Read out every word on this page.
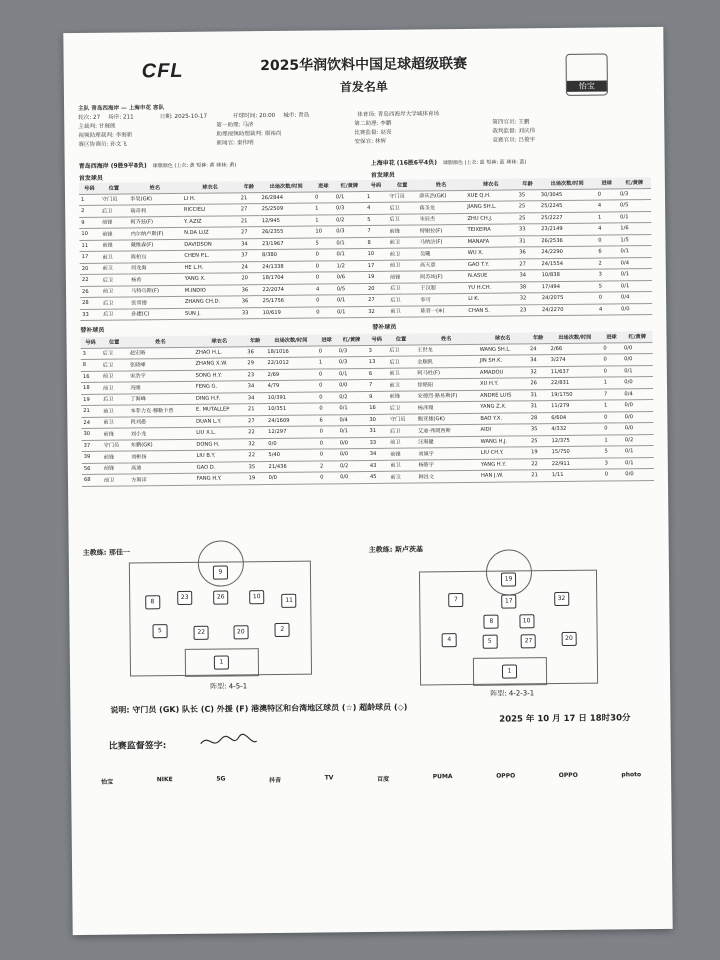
CFL
怡宝
2025华润饮料中国足球超级联赛
首发名单
主队 青岛西海岸 — 上海申花 客队
轮次: 27 场序: 211	日期: 2025-10-17	开球时间: 20:00 城市: 青岛	体育场: 青岛西海岸大学城体育场
主裁判: 甘璀熊	第一助理: 马济	第二助理: 李鹏	第四官员: 王鹏
视频助理裁判: 李海新	助理视频助理裁判: 谢裕尚	比赛监督: 赵亮	裁判监督: 刘庆伟
赛区协调员: 孙文飞	新闻官: 秦伟明	安保官: 林辉	竞赛官员: 吕俊宇
青岛西海岸 (9胜9平8负) 球服颜色 (上衣: 黄 短裤: 黄 球袜: 黄)	上海申花 (16胜6平4负) 球服颜色 (上衣: 蓝 短裤: 蓝 球袜: 蓝)
首发球员	首发球员
号码	位置	姓名	球衣名	年龄	出场次数/时间	进球	红/黄牌
1	守门员	李昊(GK)	LI H.	21	26/2844	0	0/1
2	后卫	瑞奇利	RICCIELI	27	25/2509	1	0/3
9	前锋	阿齐兹(F)	Y. AZIZ	21	12/945	1	0/2
10	前锋	内尔纳卢斯(F)	N.DA LUZ	27	26/2355	10	0/3
11	前锋	戴维森(F)	DAVIDSON	34	23/1967	5	0/1
17	前卫	陈柏良	CHEN P.L.	37	8/380	0	0/1
20	前卫	何龙海	HE L.H.	24	24/1338	0	1/2
22	后卫	杨希	YANG X.	20	18/1704	0	0/6
26	前卫	马特乌斯(F)	M.INDIO	36	22/2074	4	0/5
28	后卫	张常德	ZHANG CH.D.	36	25/1756	0	0/1
33	后卫	孙捷(C)	SUN J.	33	10/619	0	0/1
号码	位置	姓名	球衣名	年龄	出场次数/时间	进球	红/黄牌
1	守门员	薛庆浩(GK)	XUE Q.H.	35	30/3045	0	0/3
4	后卫	蒋圣龙	JIANG SH.L.	25	25/2245	4	0/5
5	后卫	朱辰杰	ZHU CH.J.	25	25/2227	1	0/1
7	前锋	特谢拉(F)	TEIXEIRA	33	23/2149	4	1/6
8	前卫	马纳法(F)	MANAFA	31	26/2536	0	1/5
10	前卫	吴曦	WU X.	36	24/2290	6	0/1
17	前卫	高天意	GAO T.Y.	27	24/1554	2	0/4
19	前锋	阿苏埃(F)	N.ASUE	34	10/838	3	0/1
20	后卫	于汉超	YU H.CH.	38	17/494	5	0/1
27	后卫	李可	LI K.	32	24/2075	0	0/4
32	前卫	陈晋一(※)	CHAN S.	23	24/2270	4	0/0
替补球员	替补球员
号码	位置	姓名	球衣名	年龄	出场次数/时间	进球	红/黄牌
3	后卫	赵宏略	ZHAO H.L.	36	18/1016	0	0/3
8	后卫	张晓峰	ZHANG X.W.	29	22/1012	1	0/3
16	前卫	宋浩宇	SONG H.Y.	23	2/69	0	0/1
18	前卫	冯刚	FENG G.	34	4/79	0	0/0
19	后卫	丁海峰	DING H.F.	34	10/391	0	0/2
21	前卫	本菲力克·穆勒卡普	E. MUTALLEP	21	10/351	0	0/1
24	前卫	段刘愚	DUAN L.Y.	27	24/1609	6	0/4
30	前锋	刘小龙	LIU X.L.	22	12/297	0	0/1
37	守门员	东鹏(GK)	DONG H.	32	0/0	0	0/0
39	前锋	刘彬扬	LIU B.Y.	22	5/40	0	0/0
56	前锋	高迪	GAO D.	35	21/436	2	0/2
68	前卫	方海洋	FANG H.Y.	19	0/0	0	0/0
号码	位置	姓名	球衣名	年龄	出场次数/时间	进球	红/黄牌
3	后卫	王世龙	WANG SH.L.	24	2/66	0	0/0
13	后卫	金顺凯	JIN SH.K.	34	3/274	0	0/0
6	前卫	阿马杜(F)	AMADOU	32	11/637	0	0/1
7	前卫	徐皓阳	XU H.Y.	26	22/831	1	0/0
9	前锋	安德烈·路易斯(F)	ANDRE LUIS	31	19/1750	7	0/4
16	后卫	杨泽翔	YANG Z.X.	31	11/279	1	0/0
30	守门员	鲍亚雄(GK)	BAO Y.X.	28	6/604	0	0/0
31	后卫	艾迪·弗朗西斯	AIDI	35	4/332	0	0/0
33	前卫	汪海健	WANG H.J.	25	12/375	1	0/2
34	前锋	刘诚宇	LIU CH.Y.	19	15/750	5	0/1
43	前卫	杨皓宇	YANG H.Y.	22	22/911	3	0/1
45	前卫	韩昌文	HAN J.W.	21	1/11	0	0/0
主教练: 那佳一	主教练: 斯卢茨基
1
5	22	20	2
8
23	26	10
11
9
1
4	5	27	20
8	10
7	17	32
19
阵型: 4-5-1
阵型: 4-2-3-1
说明: 守门员 (GK) 队长 (C) 外援 (F) 港澳特区和台湾地区球员 (☆) 超龄球员 (◇)
2025 年 10 月 17 日 18时30分
比赛监督签字:
怡宝	NIKE	5G	抖音	TV	百度	PUMA	OPPO	OPPO	photo
